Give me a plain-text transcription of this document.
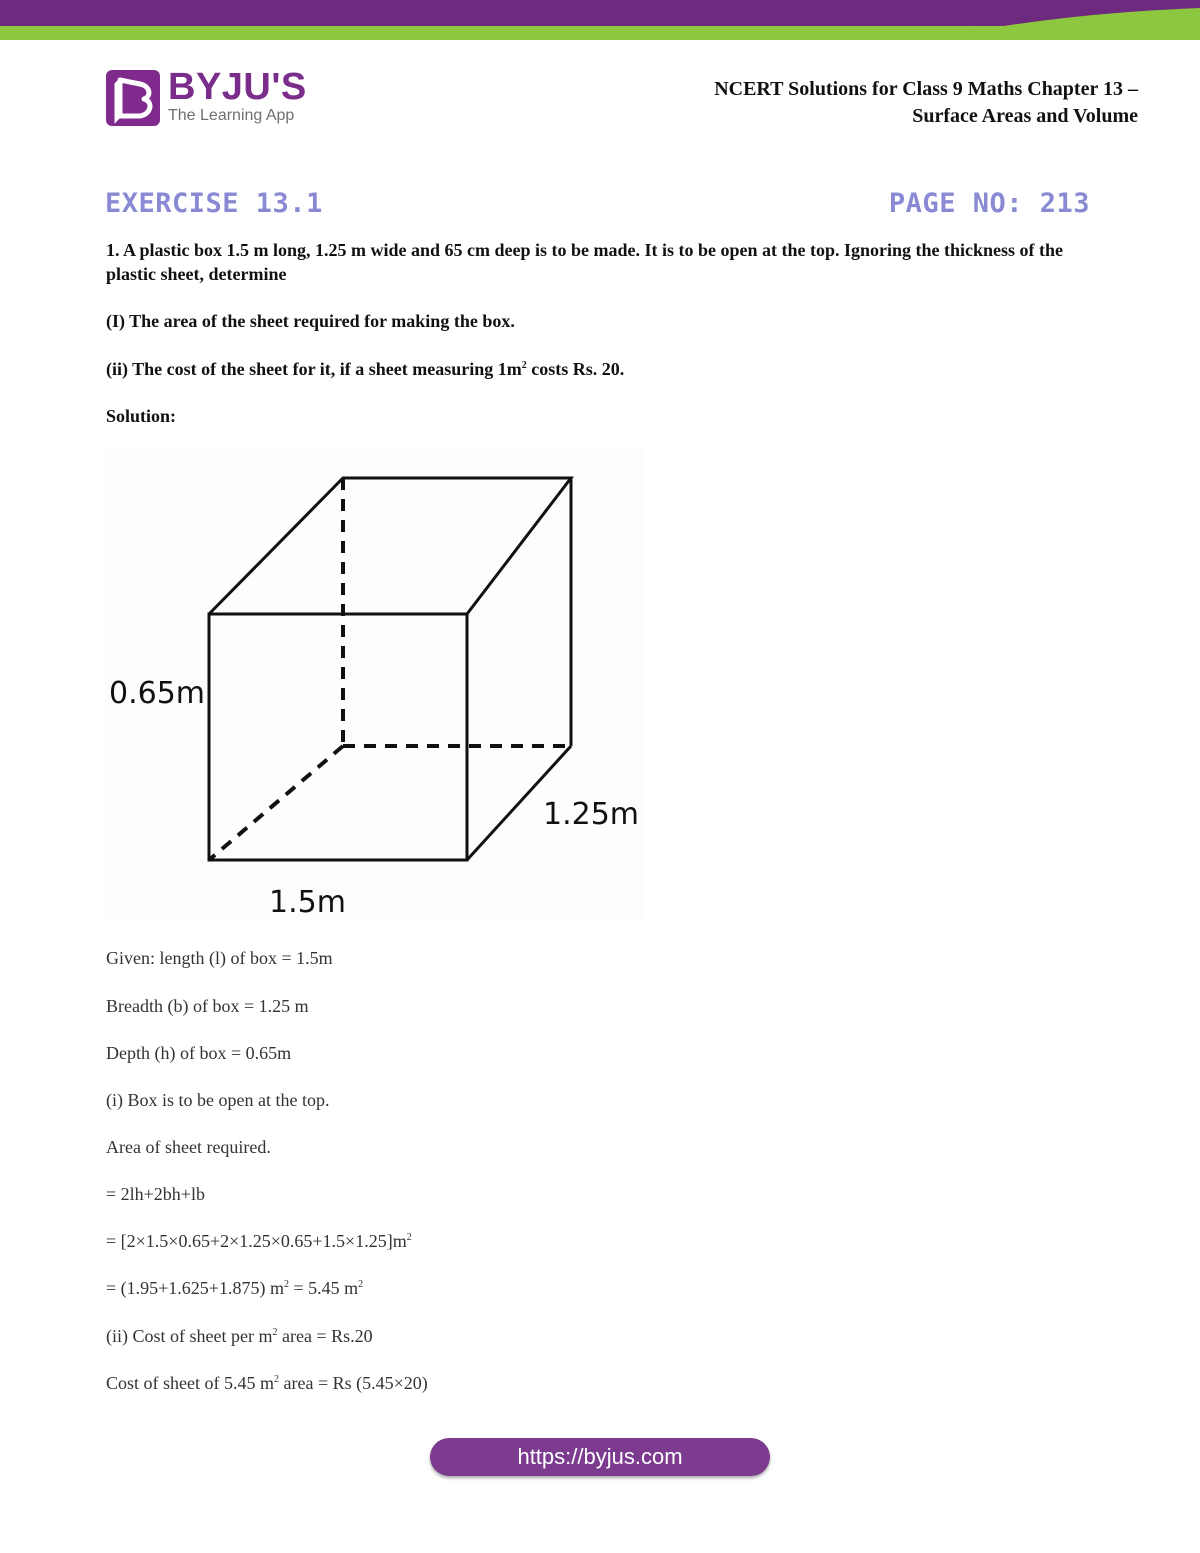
BYJU'S
The Learning App
NCERT Solutions for Class 9 Maths Chapter 13 –
Surface Areas and Volume
EXERCISE 13.1	PAGE NO: 213
1. A plastic box 1.5 m long, 1.25 m wide and 65 cm deep is to be made. It is to be open at the top. Ignoring the thickness of the plastic sheet, determine
(I) The area of the sheet required for making the box.
(ii) The cost of the sheet for it, if a sheet measuring $1m^2$ costs Rs. 20.
Solution:
0.65m
1.25m
1.5m
Given: length (l) of box = 1.5m
Breadth (b) of box = 1.25 m
Depth (h) of box = 0.65m
(i) Box is to be open at the top.
Area of sheet required.
= 2lh+2bh+lb
= $[2\times 1.5\times 0.65+2\times 1.25\times 0.65+1.5\times 1.25]m^2$
= (1.95+1.625+1.875) $m^2 = 5.45$ $m^2$
(ii) Cost of sheet per $m^2$ area = Rs.20
Cost of sheet of 5.45 $m^2$ area = Rs (5.45×20)
https://byjus.com
